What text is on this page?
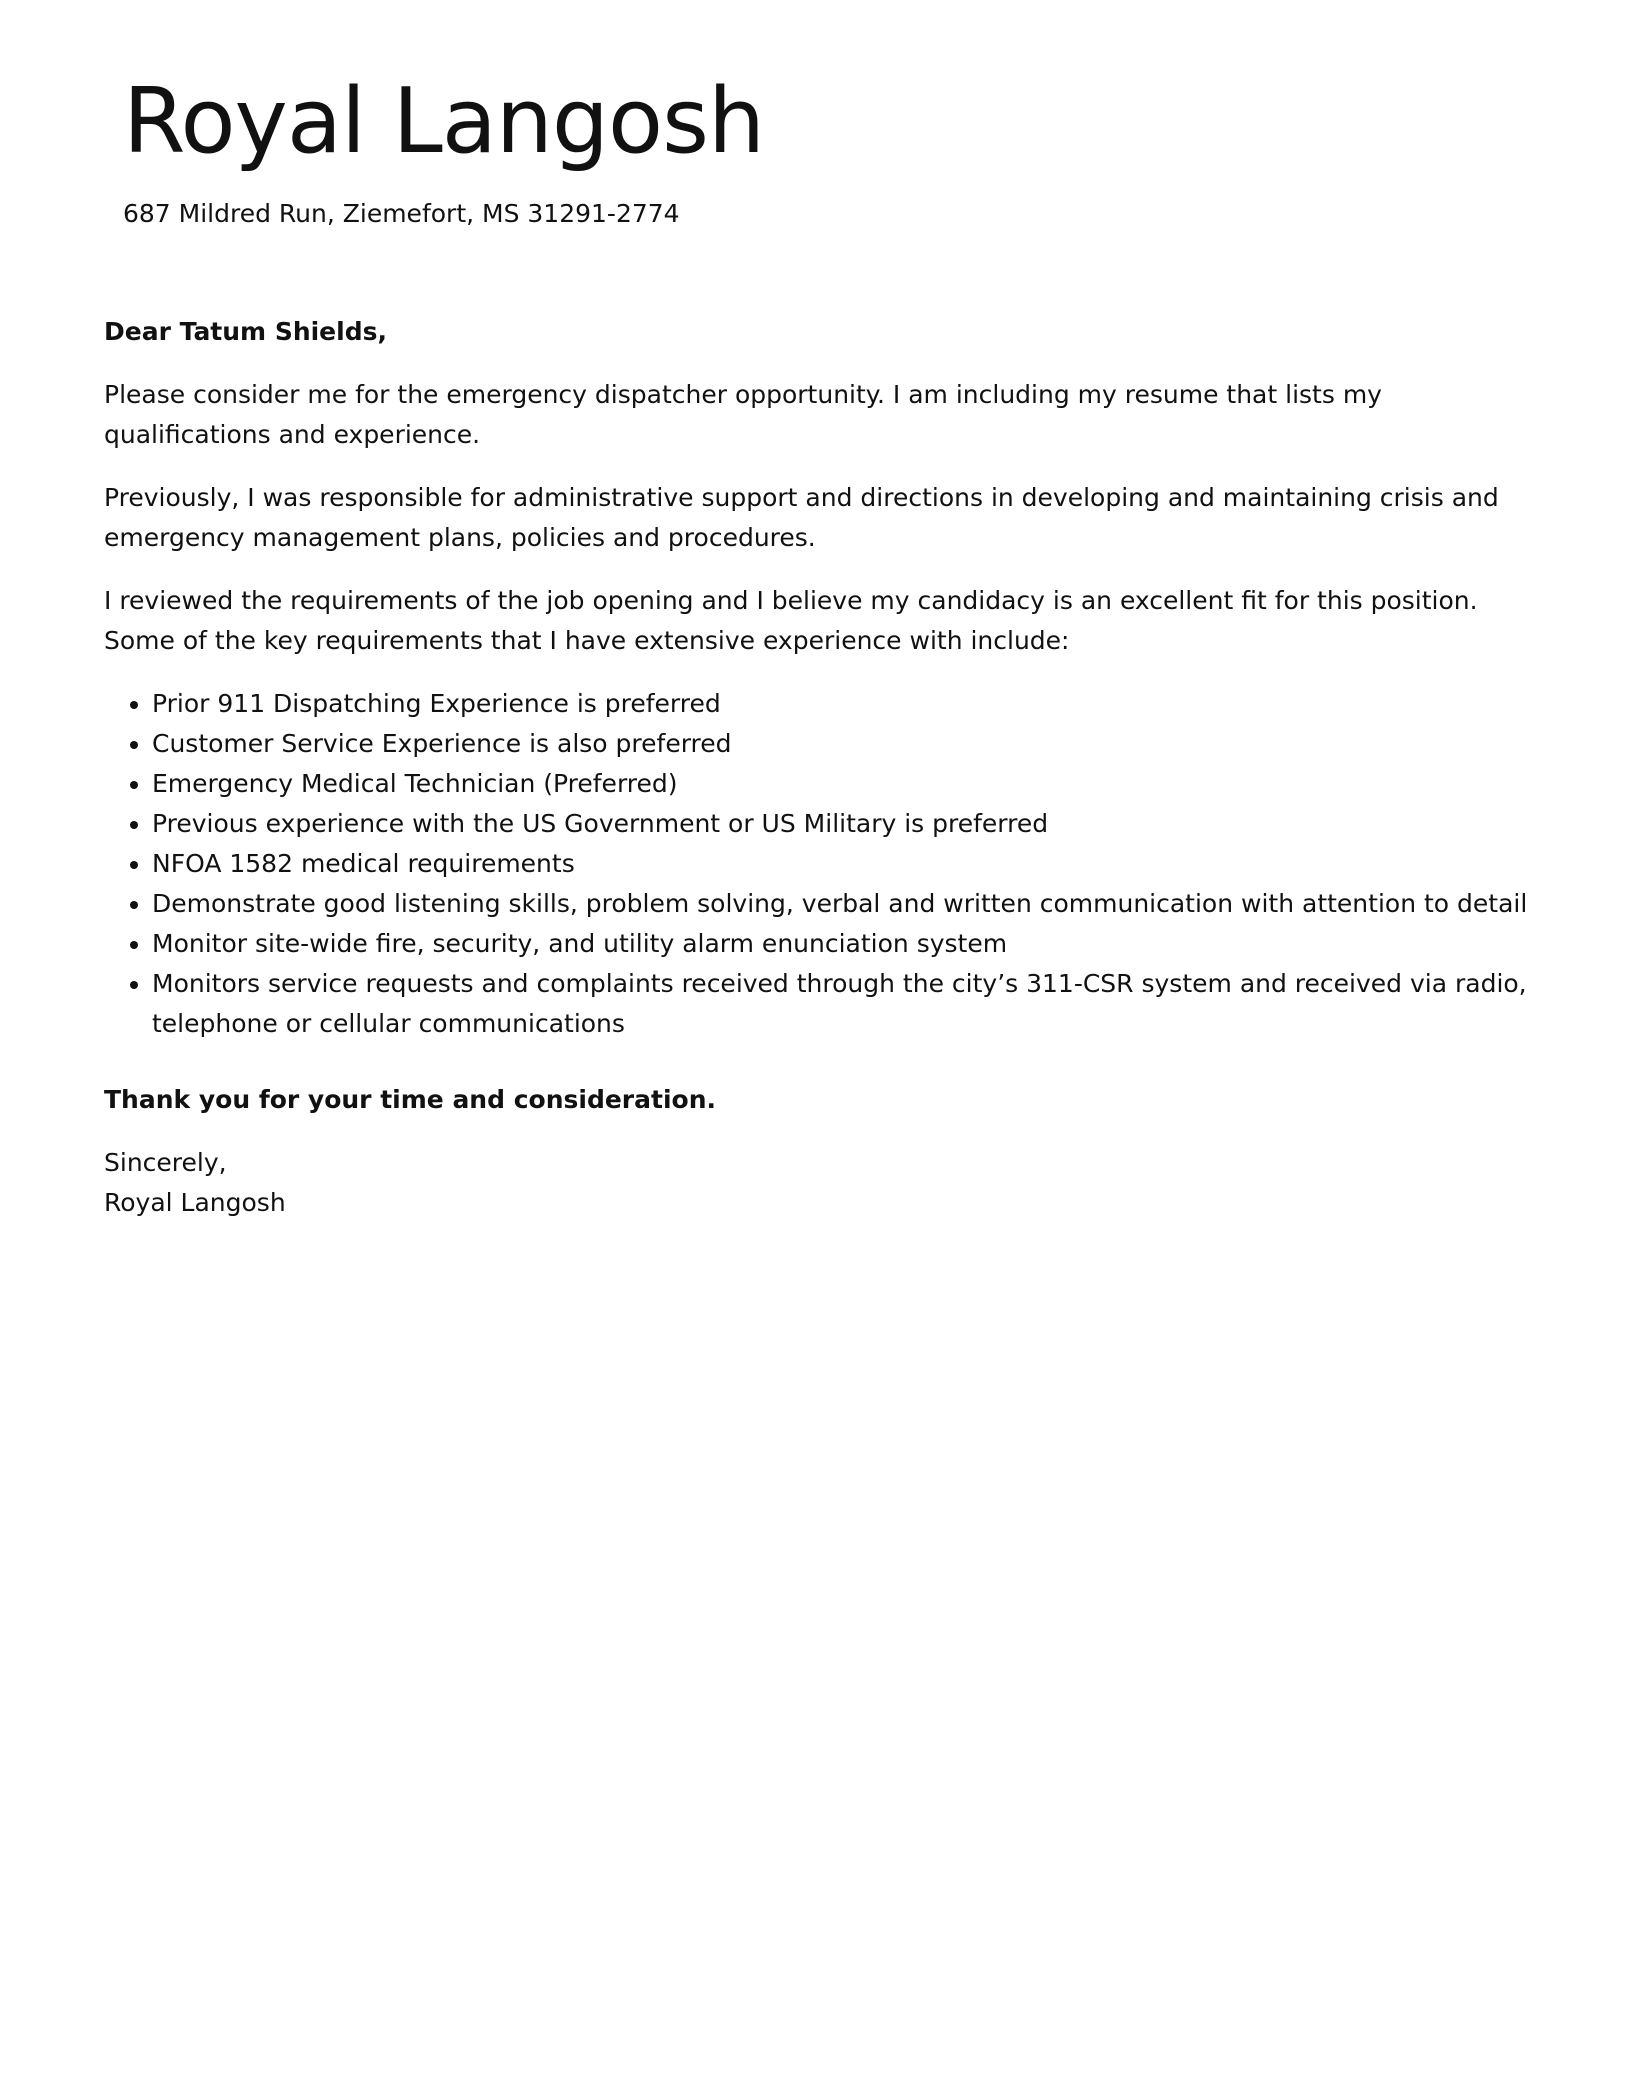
Royal Langosh
687 Mildred Run, Ziemefort, MS 31291-2774

Dear Tatum Shields,

Please consider me for the emergency dispatcher opportunity. I am including my resume that lists my qualifications and experience.

Previously, I was responsible for administrative support and directions in developing and maintaining crisis and emergency management plans, policies and procedures.

I reviewed the requirements of the job opening and I believe my candidacy is an excellent fit for this position. Some of the key requirements that I have extensive experience with include:

• Prior 911 Dispatching Experience is preferred
• Customer Service Experience is also preferred
• Emergency Medical Technician (Preferred)
• Previous experience with the US Government or US Military is preferred
• NFOA 1582 medical requirements
• Demonstrate good listening skills, problem solving, verbal and written communication with attention to detail
• Monitor site-wide fire, security, and utility alarm enunciation system
• Monitors service requests and complaints received through the city’s 311-CSR system and received via radio, telephone or cellular communications

Thank you for your time and consideration.

Sincerely,

Royal Langosh
